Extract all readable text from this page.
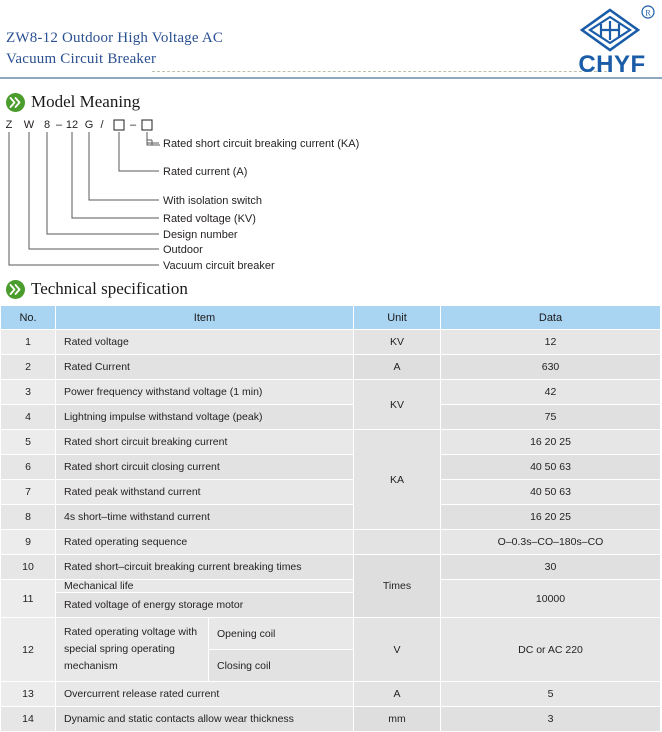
ZW8-12 Outdoor High Voltage AC
Vacuum Circuit Breaker
R
CHYF
Model Meaning
Z W 8 – 12 G / –
Rated short circuit breaking current (KA)
Rated current (A)
With isolation switch
Rated voltage (KV)
Design number
Outdoor
Vacuum circuit breaker
Technical specification
No.	Item		Unit	Data
1	Rated voltage		KV	12
2	Rated Current		A	630
3	Power frequency withstand voltage (1 min)		KV	42
4	Lightning impulse withstand voltage (peak)			75
5	Rated short circuit breaking current		KA	16 20 25
6	Rated short circuit closing current			40 50 63
7	Rated peak withstand current			40 50 63
8	4s short–time withstand current			16 20 25
9	Rated operating sequence			O–0.3s–CO–180s–CO
10	Rated short–circuit breaking current breaking times		Times	30
11	Mechanical life			10000
	Rated voltage of energy storage motor			
12	Rated operating voltage with special spring operating mechanism	Opening coil	V	DC or AC 220
		Closing coil		
13	Overcurrent release rated current		A	5
14	Dynamic and static contacts allow wear thickness		mm	3
